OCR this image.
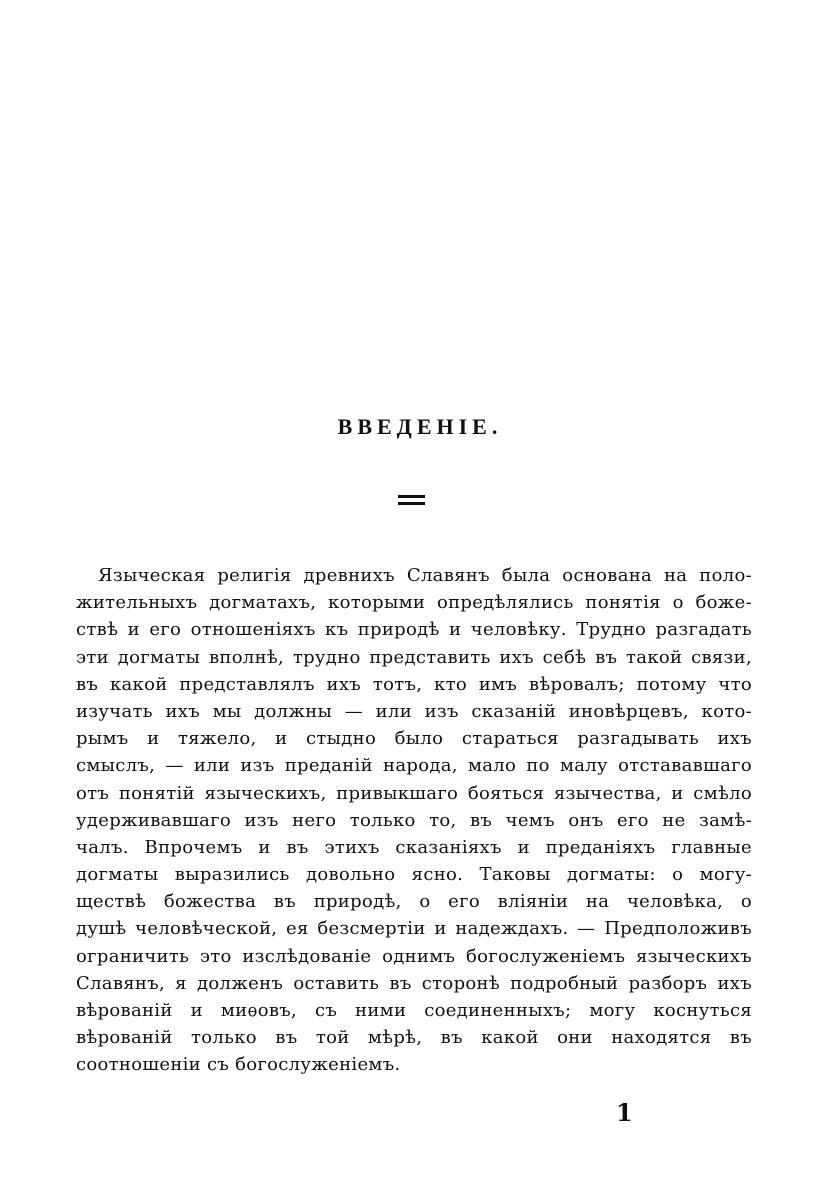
ВВЕДЕНІЕ.
Языческая религія древнихъ Славянъ была основана на поло-
жительныхъ догматахъ, которыми опредѣлялись понятія о боже-
ствѣ и его отношеніяхъ къ природѣ и человѣку. Трудно разгадать
эти догматы вполнѣ, трудно представить ихъ себѣ въ такой связи,
въ какой представлялъ ихъ тотъ, кто имъ вѣровалъ; потому что
изучать ихъ мы должны — или изъ сказаній иновѣрцевъ, кото-
рымъ и тяжело, и стыдно было стараться разгадывать ихъ
смыслъ, — или изъ преданій народа, мало по малу отстававшаго
отъ понятій языческихъ, привыкшаго бояться язычества, и смѣло
удерживавшаго изъ него только то, въ чемъ онъ его не замѣ-
чалъ. Впрочемъ и въ этихъ сказаніяхъ и преданіяхъ главные
догматы выразились довольно ясно. Таковы догматы: о могу-
ществѣ божества въ природѣ, о его вліяніи на человѣка, о
душѣ человѣческой, ея безсмертіи и надеждахъ. — Предположивъ
ограничить это изслѣдованіе однимъ богослуженіемъ языческихъ
Славянъ, я долженъ оставить въ сторонѣ подробный разборъ ихъ
вѣрованій и миѳовъ, съ ними соединенныхъ; могу коснуться
вѣрованій только въ той мѣрѣ, въ какой они находятся въ
соотношеніи съ богослуженіемъ.
1
